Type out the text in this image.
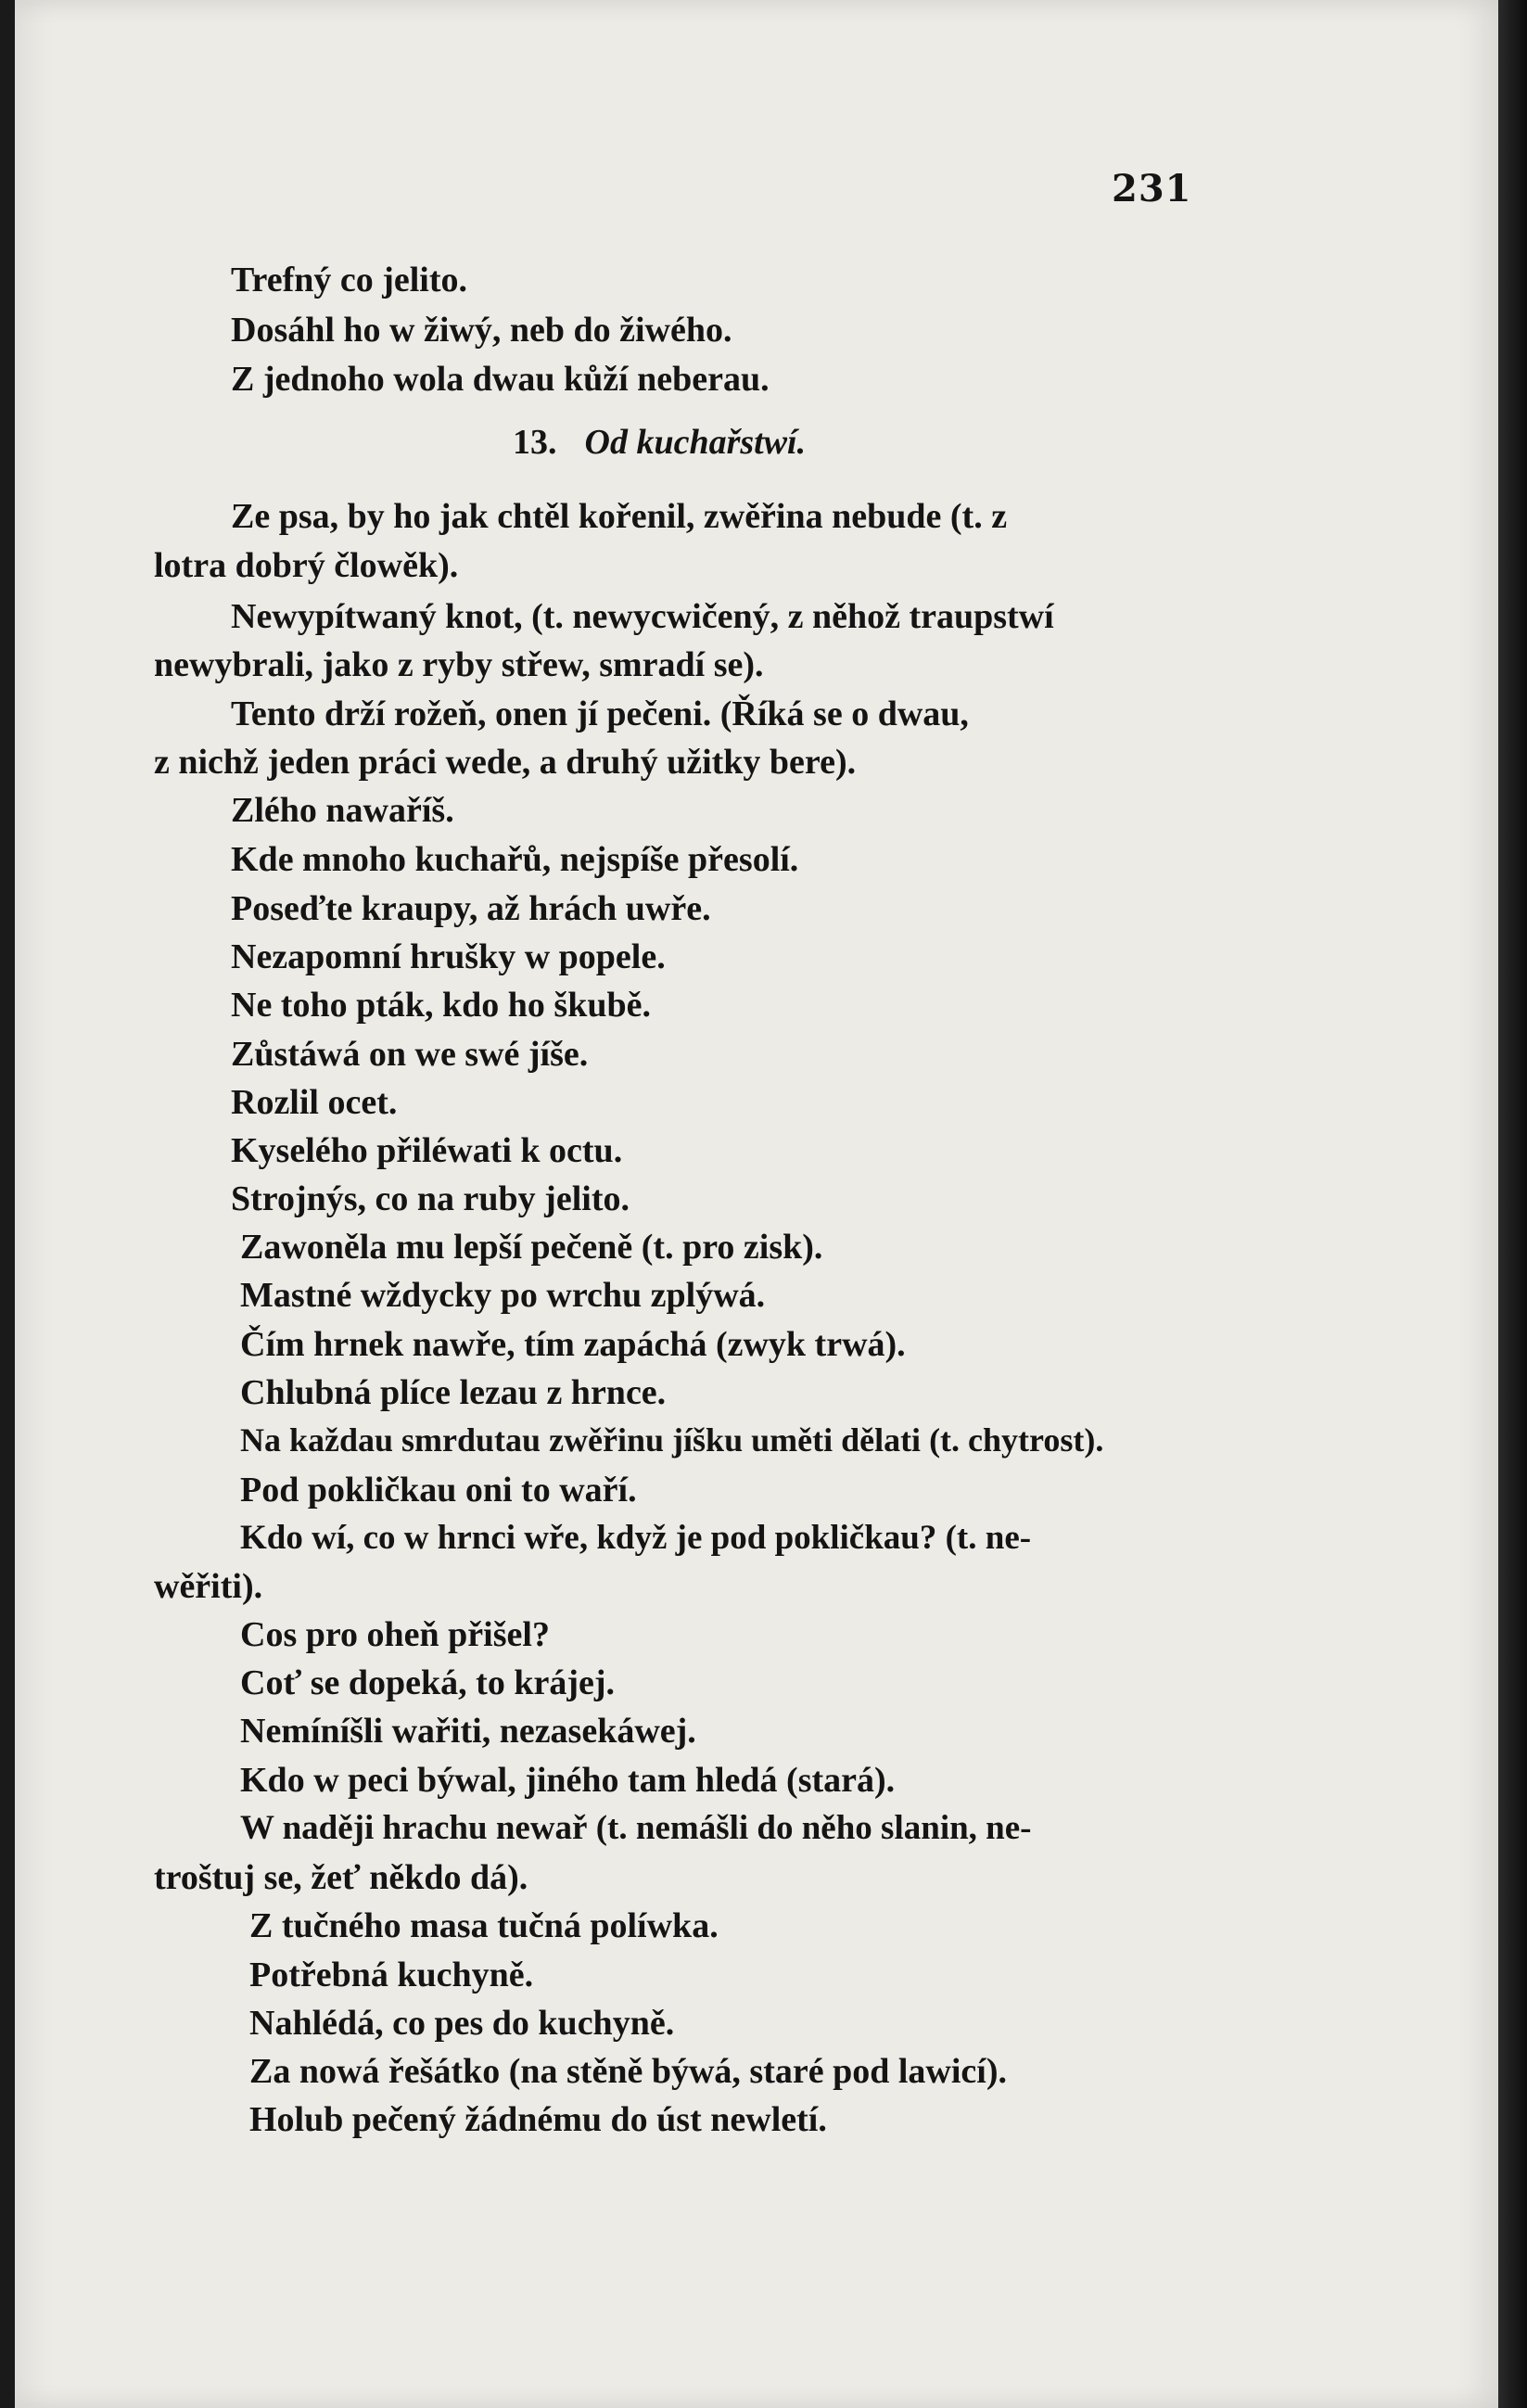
231

Trefný co jelito.
Dosáhl ho w žiwý, neb do žiwého.
Z jednoho wola dwau kůží neberau.
13. Od kuchařstwí.
Ze psa, by ho jak chtěl kořenil, zwěřina nebude (t. z
lotra dobrý člowěk).
Newypítwaný knot, (t. newycwičený, z něhož traupstwí
newybrali, jako z ryby střew, smradí se).
Tento drží rožeň, onen jí pečeni. (Říká se o dwau,
z nichž jeden práci wede, a druhý užitky bere).
Zlého nawaříš.
Kde mnoho kuchařů, nejspíše přesolí.
Poseďte kraupy, až hrách uwře.
Nezapomní hrušky w popele.
Ne toho pták, kdo ho škubě.
Zůstáwá on we swé jíše.
Rozlil ocet.
Kyselého přiléwati k octu.
Strojnýs, co na ruby jelito.
Zawoněla mu lepší pečeně (t. pro zisk).
Mastné wždycky po wrchu zplýwá.
Čím hrnek nawře, tím zapáchá (zwyk trwá).
Chlubná plíce lezau z hrnce.
Na každau smrdutau zwěřinu jíšku uměti dělati (t. chytrost).
Pod pokličkau oni to waří.
Kdo wí, co w hrnci wře, když je pod pokličkau? (t. ne-
wěřiti).
Cos pro oheň přišel?
Coť se dopeká, to krájej.
Nemíníšli wařiti, nezasekáwej.
Kdo w peci býwal, jiného tam hledá (stará).
W naději hrachu newař (t. nemášli do něho slanin, ne-
troštuj se, žeť někdo dá).
Z tučného masa tučná políwka.
Potřebná kuchyně.
Nahlédá, co pes do kuchyně.
Za nowá řešátko (na stěně býwá, staré pod lawicí).
Holub pečený žádnému do úst newletí.
